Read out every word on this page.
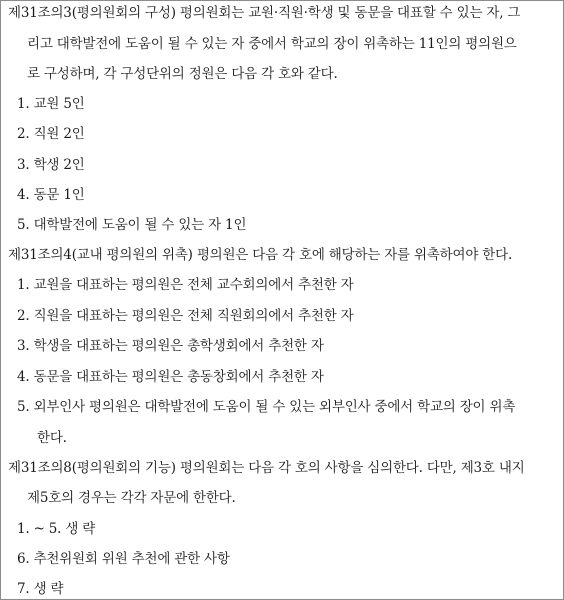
제31조의3(평의원회의 구성) 평의원회는 교원·직원·학생 및 동문을 대표할 수 있는 자, 그
리고 대학발전에 도움이 될 수 있는 자 중에서 학교의 장이 위촉하는 11인의 평의원으
로 구성하며, 각 구성단위의 정원은 다음 각 호와 같다.
1. 교원 5인
2. 직원 2인
3. 학생 2인
4. 동문 1인
5. 대학발전에 도움이 될 수 있는 자 1인
제31조의4(교내 평의원의 위촉) 평의원은 다음 각 호에 해당하는 자를 위촉하여야 한다.
1. 교원을 대표하는 평의원은 전체 교수회의에서 추천한 자
2. 직원을 대표하는 평의원은 전체 직원회의에서 추천한 자
3. 학생을 대표하는 평의원은 총학생회에서 추천한 자
4. 동문을 대표하는 평의원은 총동창회에서 추천한 자
5. 외부인사 평의원은 대학발전에 도움이 될 수 있는 외부인사 중에서 학교의 장이 위촉
한다.
제31조의8(평의원회의 기능) 평의원회는 다음 각 호의 사항을 심의한다. 다만, 제3호 내지
제5호의 경우는 각각 자문에 한한다.
1. ~ 5. 생 략
6. 추천위원회 위원 추천에 관한 사항
7. 생 략
